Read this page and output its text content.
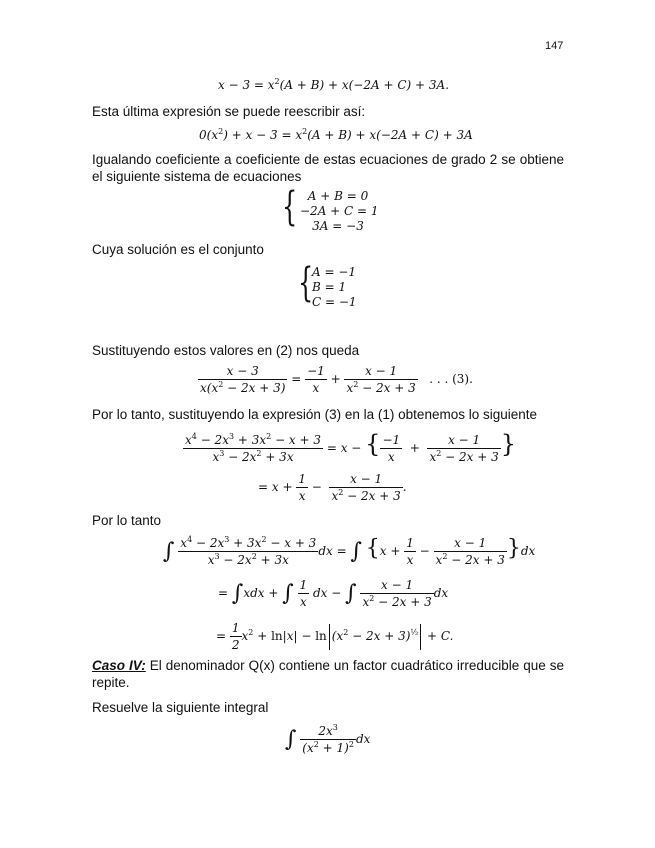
147
$x - 3 = x^2(A + B) + x(-2A + C) + 3A$.
Esta última expresión se puede reescribir así:
$0(x^2) + x - 3 = x^2(A + B) + x(-2A + C) + 3A$
Igualando coeficiente a coeficiente de estas ecuaciones de grado 2 se obtiene el siguiente sistema de ecuaciones
{ A + B = 0
−2A + C = 1
3A = −3
Cuya solución es el conjunto
{
A = −1
B = 1
C = −1
Sustituyendo estos valores en (2) nos queda
$\frac{x - 3}{x(x^2 - 2x + 3)} = \frac{-1}{x} + \frac{x - 1}{x^2 - 2x + 3}$ . . . (3).
Por lo tanto, sustituyendo la expresión (3) en la (1) obtenemos lo siguiente
$\frac{x^4 - 2x^3 + 3x^2 - x + 3}{x^3 - 2x^2 + 3x} = x$ − { $\frac{-1}{x} + \frac{x - 1}{x^2 - 2x + 3}$ }
= $x + \frac{1}{x} - \frac{x - 1}{x^2 - 2x + 3}$ .
Por lo tanto
∫ $\frac{x^4 - 2x^3 + 3x^2 - x + 3}{x^3 - 2x^2 + 3x}$ dx = ∫ $\{x + \frac{1}{x} - \frac{x - 1}{x^2 - 2x + 3} \}dx$
= ∫xdx + ∫ $\frac{1}{x}$ dx − ∫ $\frac{x - 1}{x^2 - 2x + 3}$ dx
= $\frac{1}{2} x^2 + \ln|x| - \ln (x^2 - 2x + 3)^{\frac{1}{2}} + C$.
Caso IV: El denominador Q(x) contiene un factor cuadrático irreducible que se repite.
Resuelve la siguiente integral
∫ $\frac{2x^3}{(x^2 + 1)^2}$ dx
